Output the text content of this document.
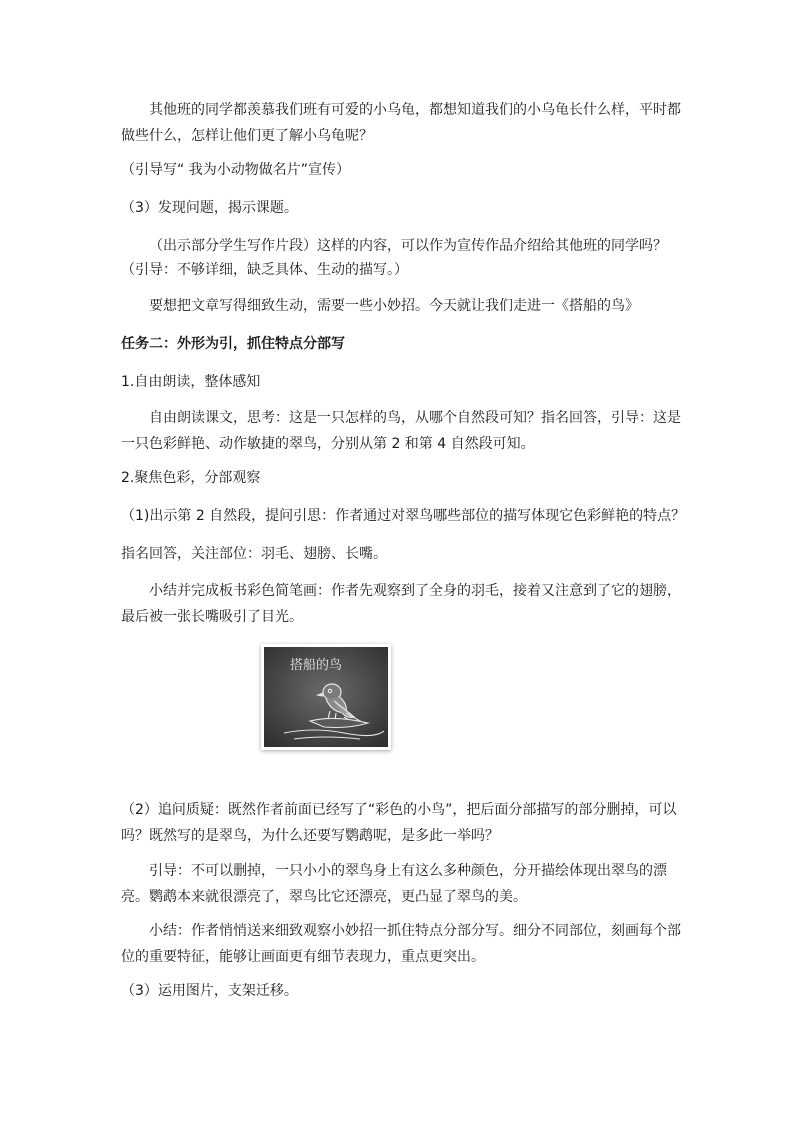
其他班的同学都羡慕我们班有可爱的小乌龟，都想知道我们的小乌龟长什么样，平时都做些什么，怎样让他们更了解小乌龟呢？

（引导写“ 我为小动物做名片”宣传）

（3）发现问题，揭示课题。

（出示部分学生写作片段）这样的内容，可以作为宣传作品介绍给其他班的同学吗？

（引导：不够详细，缺乏具体、生动的描写。）

要想把文章写得细致生动，需要一些小妙招。今天就让我们走进一《搭船的鸟》

任务二：外形为引，抓住特点分部写

1.自由朗读，整体感知

自由朗读课文，思考：这是一只怎样的鸟，从哪个自然段可知？指名回答，引导：这是一只色彩鲜艳、动作敏捷的翠鸟，分别从第 2 和第 4 自然段可知。

2.聚焦色彩，分部观察

（1)出示第 2 自然段，提问引思：作者通过对翠鸟哪些部位的描写体现它色彩鲜艳的特点？

指名回答，关注部位：羽毛、翅膀、长嘴。

小结并完成板书彩色简笔画：作者先观察到了全身的羽毛，接着又注意到了它的翅膀，最后被一张长嘴吸引了目光。

搭船的鸟

（2）追问质疑：既然作者前面已经写了“彩色的小鸟”，把后面分部描写的部分删掉，可以吗？既然写的是翠鸟，为什么还要写鹦鹉呢，是多此一举吗？

引导：不可以删掉，一只小小的翠鸟身上有这么多种颜色，分开描绘体现出翠鸟的漂亮。鹦鹉本来就很漂亮了，翠鸟比它还漂亮，更凸显了翠鸟的美。

小结：作者悄悄送来细致观察小妙招一抓住特点分部分写。细分不同部位，刻画每个部位的重要特征，能够让画面更有细节表现力，重点更突出。

（3）运用图片，支架迁移。
